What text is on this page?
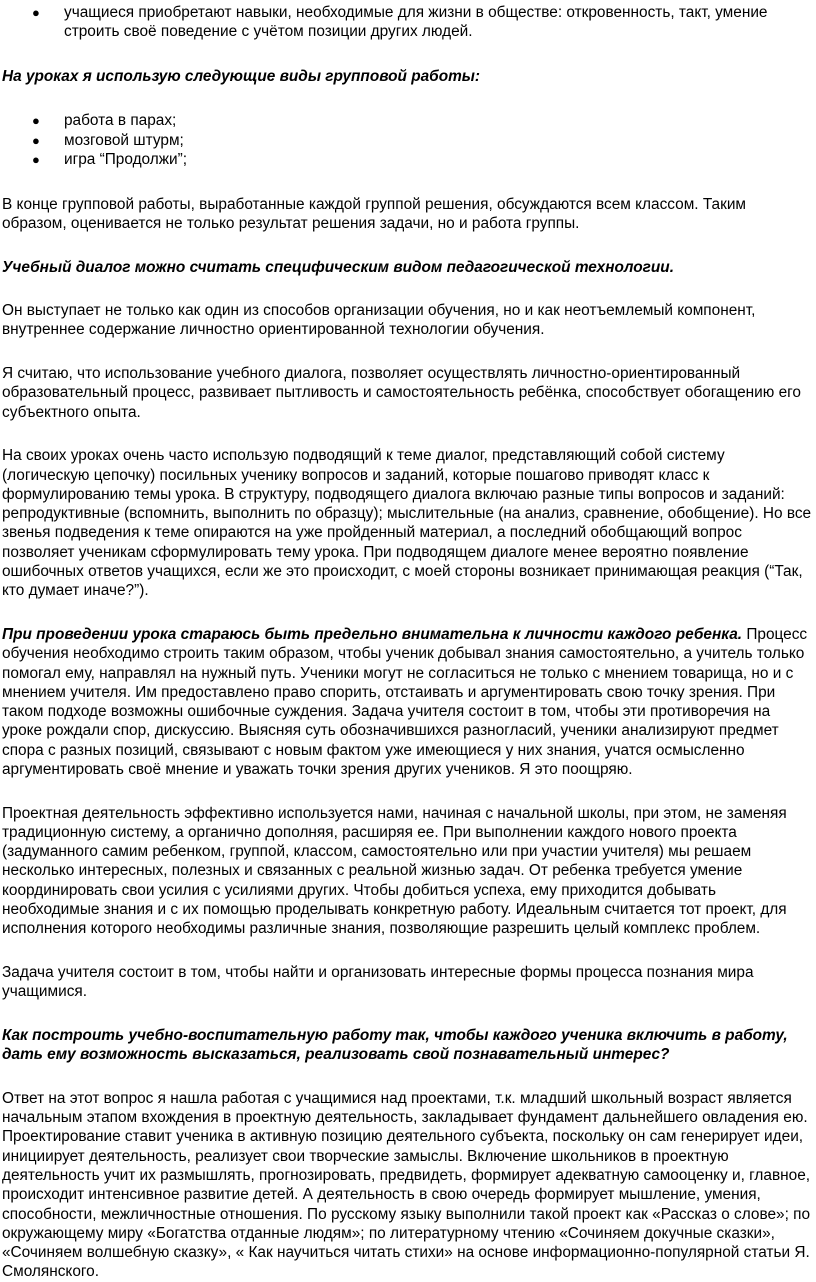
● учащиеся приобретают навыки, необходимые для жизни в обществе: откровенность, такт, умение строить своё поведение с учётом позиции других людей.

На уроках я использую следующие виды групповой работы:

● работа в парах;
● мозговой штурм;
● игра “Продолжи”;

В конце групповой работы, выработанные каждой группой решения, обсуждаются всем классом. Таким образом, оценивается не только результат решения задачи, но и работа группы.

Учебный диалог можно считать специфическим видом педагогической технологии.

Он выступает не только как один из способов организации обучения, но и как неотъемлемый компонент, внутреннее содержание личностно ориентированной технологии обучения.

Я считаю, что использование учебного диалога, позволяет осуществлять личностно-ориентированный образовательный процесс, развивает пытливость и самостоятельность ребёнка, способствует обогащению его субъектного опыта.

На своих уроках очень часто использую подводящий к теме диалог, представляющий собой систему (логическую цепочку) посильных ученику вопросов и заданий, которые пошагово приводят класс к формулированию темы урока. В структуру, подводящего диалога включаю разные типы вопросов и заданий: репродуктивные (вспомнить, выполнить по образцу); мыслительные (на анализ, сравнение, обобщение). Но все звенья подведения к теме опираются на уже пройденный материал, а последний обобщающий вопрос позволяет ученикам сформулировать тему урока. При подводящем диалоге менее вероятно появление ошибочных ответов учащихся, если же это происходит, с моей стороны возникает принимающая реакция (“Так, кто думает иначе?”).

При проведении урока стараюсь быть предельно внимательна к личности каждого ребенка. Процесс обучения необходимо строить таким образом, чтобы ученик добывал знания самостоятельно, а учитель только помогал ему, направлял на нужный путь. Ученики могут не согласиться не только с мнением товарища, но и с мнением учителя. Им предоставлено право спорить, отстаивать и аргументировать свою точку зрения. При таком подходе возможны ошибочные суждения. Задача учителя состоит в том, чтобы эти противоречия на уроке рождали спор, дискуссию. Выясняя суть обозначившихся разногласий, ученики анализируют предмет спора с разных позиций, связывают с новым фактом уже имеющиеся у них знания, учатся осмысленно аргументировать своё мнение и уважать точки зрения других учеников. Я это поощряю.

Проектная деятельность эффективно используется нами, начиная с начальной школы, при этом, не заменяя традиционную систему, а органично дополняя, расширяя ее. При выполнении каждого нового проекта (задуманного самим ребенком, группой, классом, самостоятельно или при участии учителя) мы решаем несколько интересных, полезных и связанных с реальной жизнью задач. От ребенка требуется умение координировать свои усилия с усилиями других. Чтобы добиться успеха, ему приходится добывать необходимые знания и с их помощью проделывать конкретную работу. Идеальным считается тот проект, для исполнения которого необходимы различные знания, позволяющие разрешить целый комплекс проблем.

Задача учителя состоит в том, чтобы найти и организовать интересные формы процесса познания мира учащимися.

Как построить учебно-воспитательную работу так, чтобы каждого ученика включить в работу, дать ему возможность высказаться, реализовать свой познавательный интерес?

Ответ на этот вопрос я нашла работая с учащимися над проектами, т.к. младший школьный возраст является начальным этапом вхождения в проектную деятельность, закладывает фундамент дальнейшего овладения ею. Проектирование ставит ученика в активную позицию деятельного субъекта, поскольку он сам генерирует идеи, инициирует деятельность, реализует свои творческие замыслы. Включение школьников в проектную деятельность учит их размышлять, прогнозировать, предвидеть, формирует адекватную самооценку и, главное, происходит интенсивное развитие детей. А деятельность в свою очередь формирует мышление, умения, способности, межличностные отношения. По русскому языку выполнили такой проект как «Рассказ о слове»; по окружающему миру «Богатства отданные людям»; по литературному чтению «Сочиняем докучные сказки», «Сочиняем волшебную сказку», « Как научиться читать стихи» на основе информационно-популярной статьи Я. Смолянского.
